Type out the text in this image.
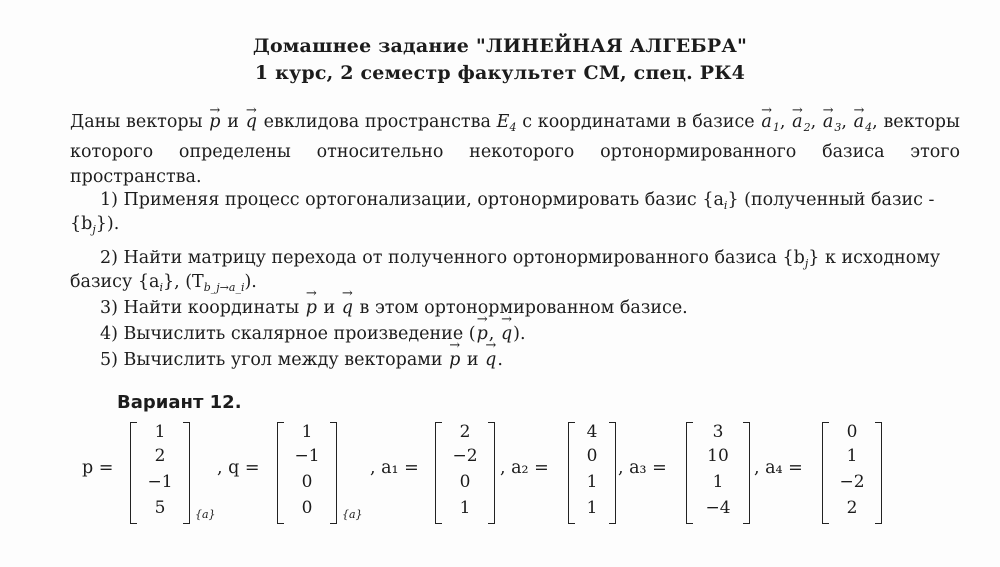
Домашнее задание "ЛИНЕЙНАЯ АЛГЕБРА"
1 курс, 2 семестр факультет СМ, спец. РК4
Даны векторы → p и → q евклидова пространства $E_4$ с координатами в базисе → $a_1$, → $a_2$, → $a_3$, → $a_4$, векторы которого определены относительно некоторого ортонормированного базиса этого пространства.
1) Применяя процесс ортогонализации, ортонормировать базис $\{a_i\}$ (полученный базис -
$\{b_j\}$).
2) Найти матрицу перехода от полученного ортонормированного базиса $\{b_j\}$ к исходному
базису $\{a_i\}$, $(T_{b\_j\to a\_i})$.
3) Найти координаты → p и → q в этом ортонормированном базисе.
4) Вычислить скалярное произведение (→ p, → q).
5) Вычислить угол между векторами → p и → q.
Вариант 12.
p =
1
2
−1
5	{a}
, q =
1
−1
0
0	{a}
, a₁ =
2
−2
0
1
, a₂ =
4
0
1
1
, a₃ =
3
10
1
−4
, a₄ =
0
1
−2
2
